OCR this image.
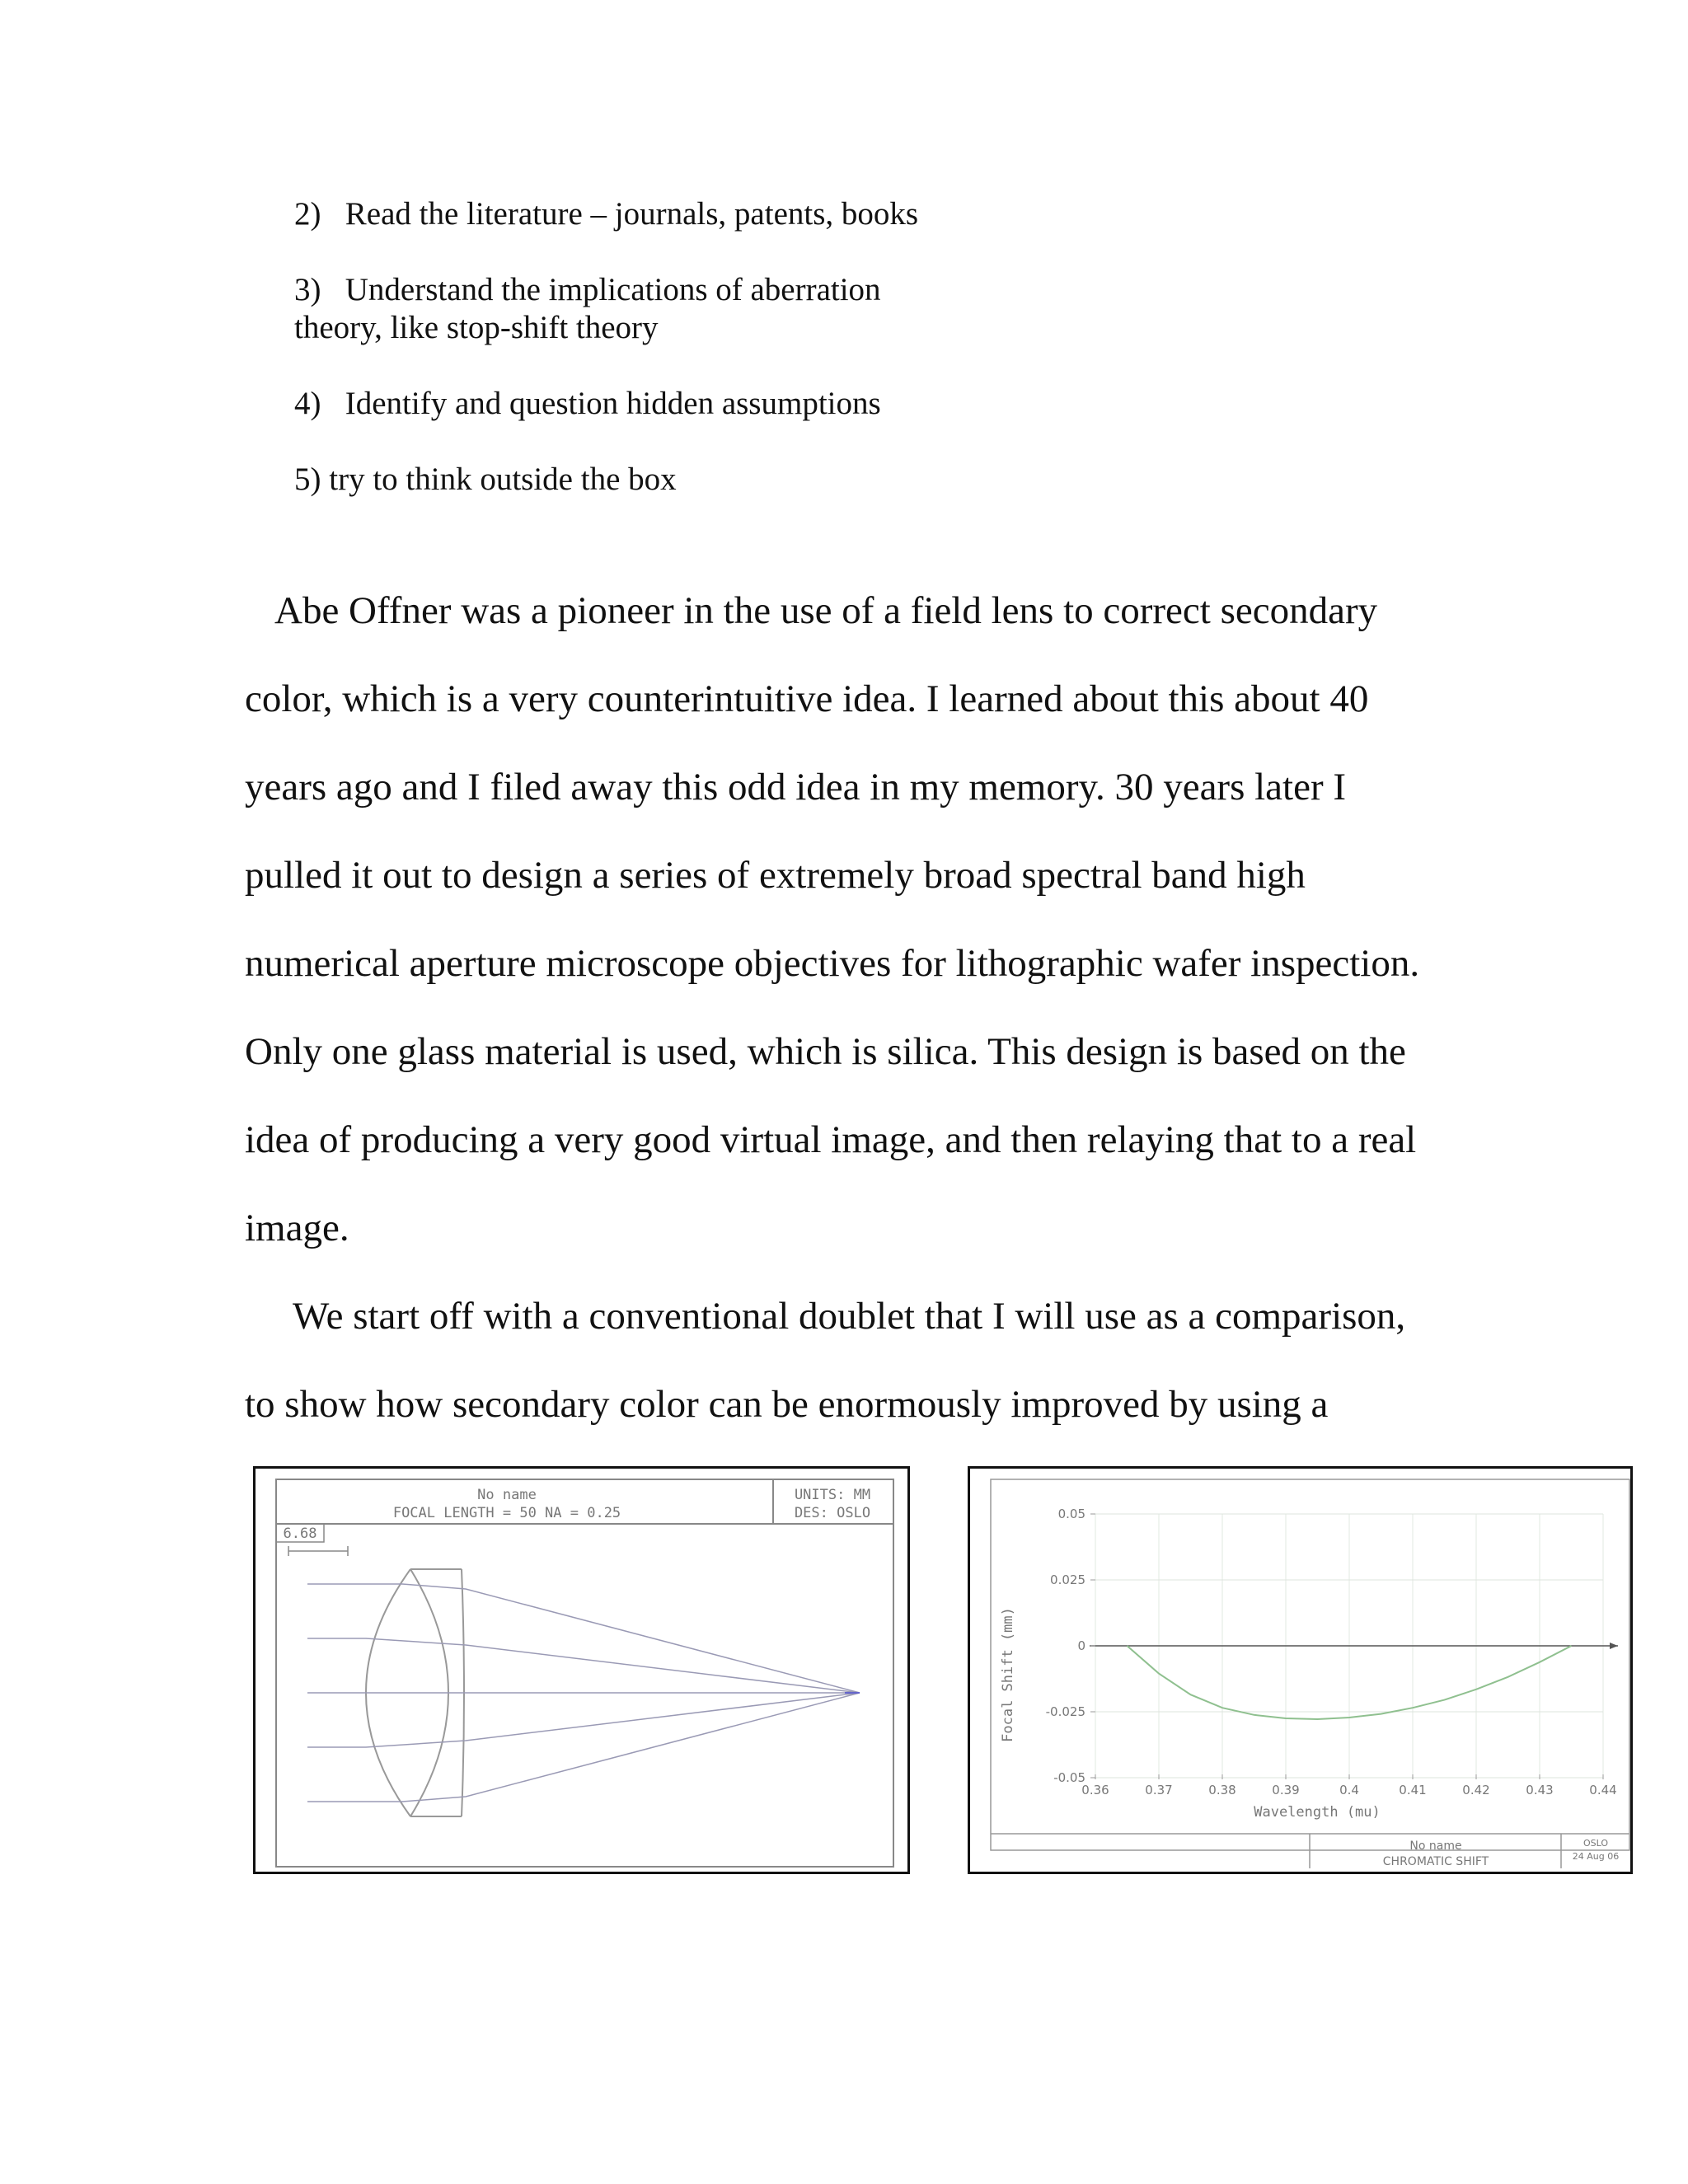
2) Read the literature – journals, patents, books
3) Understand the implications of aberration
theory, like stop-shift theory
4) Identify and question hidden assumptions
5) try to think outside the box
Abe Offner was a pioneer in the use of a field lens to correct secondary
color, which is a very counterintuitive idea. I learned about this about 40
years ago and I filed away this odd idea in my memory. 30 years later I
pulled it out to design a series of extremely broad spectral band high
numerical aperture microscope objectives for lithographic wafer inspection.
Only one glass material is used, which is silica. This design is based on the
idea of producing a very good virtual image, and then relaying that to a real
image.
We start off with a conventional doublet that I will use as a comparison,
to show how secondary color can be enormously improved by using a
No name
FOCAL LENGTH = 50 NA = 0.25
UNITS: MM
DES: OSLO
6.68
No name
CHROMATIC SHIFT
OSLO
24 Aug 06
Focal Shift (mm)
Wavelength (mu)
0.36	0.37	0.38	0.39	0.4	0.41	0.42	0.43	0.44
0.05
0.025
0
-0.025
-0.05
